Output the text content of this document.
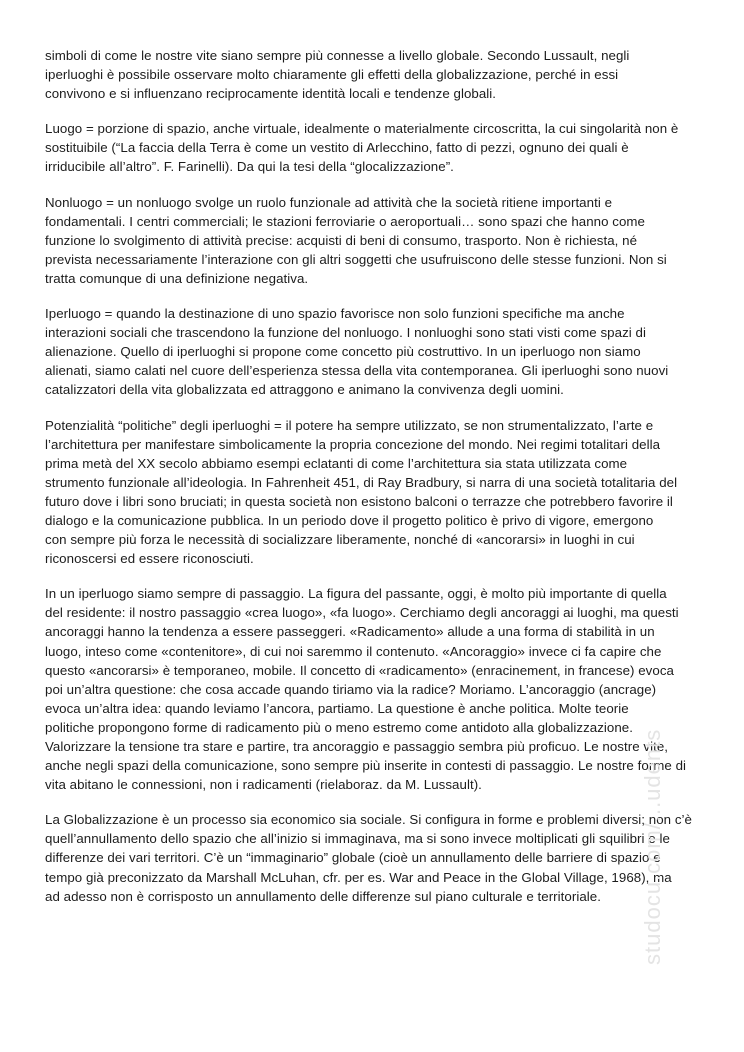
simboli di come le nostre vite siano sempre più connesse a livello globale. Secondo Lussault, negli
iperluoghi è possibile osservare molto chiaramente gli effetti della globalizzazione, perché in essi
convivono e si influenzano reciprocamente identità locali e tendenze globali.

Luogo = porzione di spazio, anche virtuale, idealmente o materialmente circoscritta, la cui singolarità non è
sostituibile (“La faccia della Terra è come un vestito di Arlecchino, fatto di pezzi, ognuno dei quali è
irriducibile all’altro”. F. Farinelli). Da qui la tesi della “glocalizzazione”.

Nonluogo = un nonluogo svolge un ruolo funzionale ad attività che la società ritiene importanti e
fondamentali. I centri commerciali; le stazioni ferroviarie o aeroportuali… sono spazi che hanno come
funzione lo svolgimento di attività precise: acquisti di beni di consumo, trasporto. Non è richiesta, né
prevista necessariamente l’interazione con gli altri soggetti che usufruiscono delle stesse funzioni. Non si
tratta comunque di una definizione negativa.

Iperluogo = quando la destinazione di uno spazio favorisce non solo funzioni specifiche ma anche
interazioni sociali che trascendono la funzione del nonluogo. I nonluoghi sono stati visti come spazi di
alienazione. Quello di iperluoghi si propone come concetto più costruttivo. In un iperluogo non siamo
alienati, siamo calati nel cuore dell’esperienza stessa della vita contemporanea. Gli iperluoghi sono nuovi
catalizzatori della vita globalizzata ed attraggono e animano la convivenza degli uomini.

Potenzialità “politiche” degli iperluoghi = il potere ha sempre utilizzato, se non strumentalizzato, l’arte e
l’architettura per manifestare simbolicamente la propria concezione del mondo. Nei regimi totalitari della
prima metà del XX secolo abbiamo esempi eclatanti di come l’architettura sia stata utilizzata come
strumento funzionale all’ideologia. In Fahrenheit 451, di Ray Bradbury, si narra di una società totalitaria del
futuro dove i libri sono bruciati; in questa società non esistono balconi o terrazze che potrebbero favorire il
dialogo e la comunicazione pubblica. In un periodo dove il progetto politico è privo di vigore, emergono
con sempre più forza le necessità di socializzare liberamente, nonché di «ancorarsi» in luoghi in cui
riconoscersi ed essere riconosciuti.

In un iperluogo siamo sempre di passaggio. La figura del passante, oggi, è molto più importante di quella
del residente: il nostro passaggio «crea luogo», «fa luogo». Cerchiamo degli ancoraggi ai luoghi, ma questi
ancoraggi hanno la tendenza a essere passeggeri. «Radicamento» allude a una forma di stabilità in un
luogo, inteso come «contenitore», di cui noi saremmo il contenuto. «Ancoraggio» invece ci fa capire che
questo «ancorarsi» è temporaneo, mobile. Il concetto di «radicamento» (enracinement, in francese) evoca
poi un’altra questione: che cosa accade quando tiriamo via la radice? Moriamo. L’ancoraggio (ancrage)
evoca un’altra idea: quando leviamo l’ancora, partiamo. La questione è anche politica. Molte teorie
politiche propongono forme di radicamento più o meno estremo come antidoto alla globalizzazione.
Valorizzare la tensione tra stare e partire, tra ancoraggio e passaggio sembra più proficuo. Le nostre vite,
anche negli spazi della comunicazione, sono sempre più inserite in contesti di passaggio. Le nostre forme di
vita abitano le connessioni, non i radicamenti (rielaboraz. da M. Lussault).

La Globalizzazione è un processo sia economico sia sociale. Si configura in forme e problemi diversi; non c’è
quell’annullamento dello spazio che all’inizio si immaginava, ma si sono invece moltiplicati gli squilibri e le
differenze dei vari territori. C’è un “immaginario” globale (cioè un annullamento delle barriere di spazio e
tempo già preconizzato da Marshall McLuhan, cfr. per es. War and Peace in the Global Village, 1968), ma
ad adesso non è corrisposto un annullamento delle differenze sul piano culturale e territoriale.	studocu.com/...udents
